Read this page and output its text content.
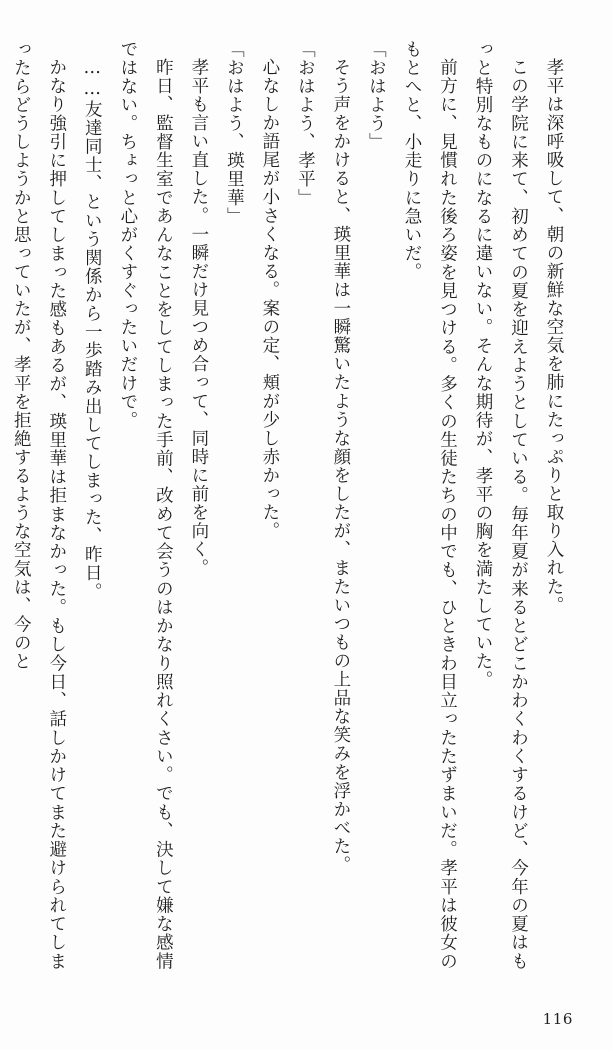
孝平は深呼吸して、朝の新鮮な空気を肺にたっぷりと取り入れた。

この学院に来て、初めての夏を迎えようとしている。毎年夏が来るとどこかわくわくするけど、今年の夏はもっと特別なものになるに違いない。そんな期待が、孝平の胸を満たしていた。

前方に、見慣れた後ろ姿を見つける。多くの生徒たちの中でも、ひときわ目立ったたずまいだ。孝平は彼女のもとへと、小走りに急いだ。

「おはよう」

そう声をかけると、瑛里華は一瞬驚いたような顔をしたが、またいつもの上品な笑みを浮かべた。

「おはよう、孝平」

心なしか語尾が小さくなる。案の定、頬が少し赤かった。

「おはよう、瑛里華」

孝平も言い直した。一瞬だけ見つめ合って、同時に前を向く。

昨日、監督生室であんなことをしてしまった手前、改めて会うのはかなり照れくさい。でも、決して嫌な感情ではない。ちょっと心がくすぐったいだけで。

……友達同士、という関係から一歩踏み出してしまった、昨日。

かなり強引に押してしまった感もあるが、瑛里華は拒まなかった。もし今日、話しかけてまた避けられてしまったらどうしようかと思っていたが、孝平を拒絶するような空気は、今のと

116
